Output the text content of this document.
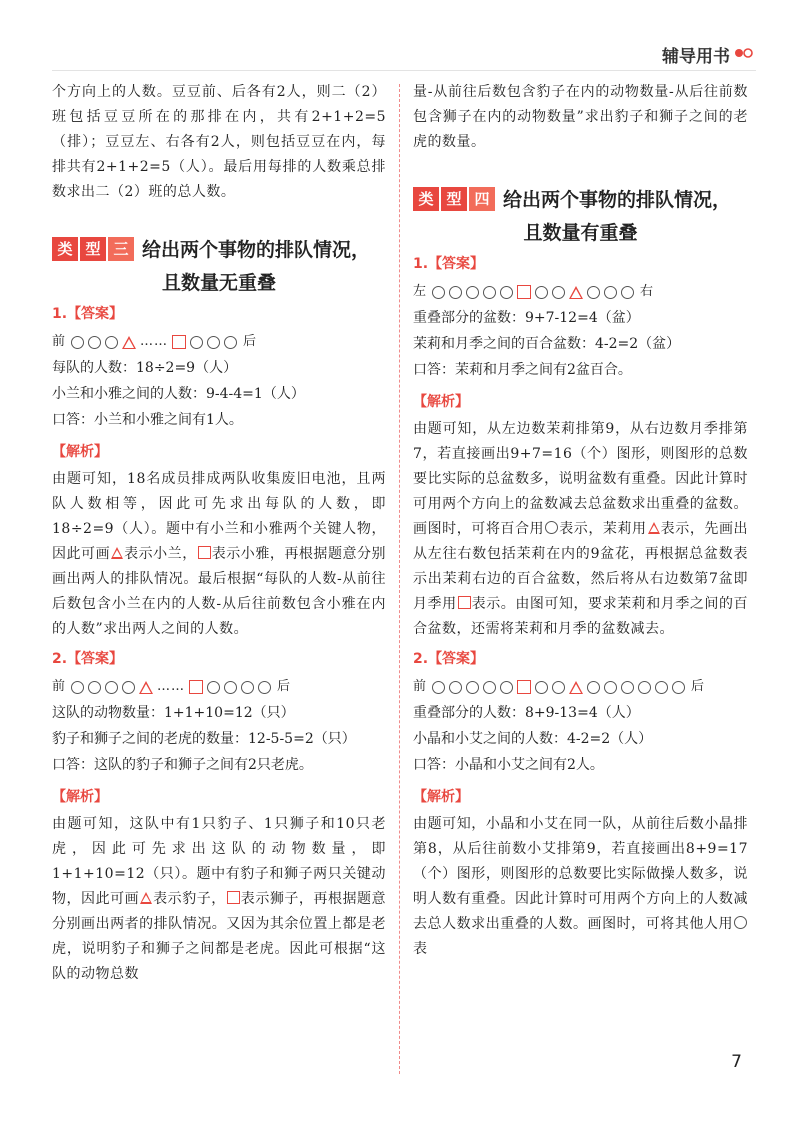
辅导用书

个方向上的人数。豆豆前、后各有2人，则二（2）班包括豆豆所在的那排在内，共有2+1+2=5（排）；豆豆左、右各有2人，则包括豆豆在内，每排共有2+1+2=5（人）。最后用每排的人数乘总排数求出二（2）班的总人数。

类 型 三 给出两个事物的排队情况，
且数量无重叠
1.【答案】
前	……	后

每队的人数：18÷2=9（人）

小兰和小雅之间的人数：9-4-4=1（人）

口答：小兰和小雅之间有1人。

【解析】

由题可知，18名成员排成两队收集废旧电池，且两队人数相等，因此可先求出每队的人数，即18÷2=9（人）。题中有小兰和小雅两个关键人物，因此可画 表示小兰， 表示小雅，再根据题意分别画出两人的排队情况。最后根据“每队的人数-从前往后数包含小兰在内的人数-从后往前数包含小雅在内的人数”求出两人之间的人数。

2.【答案】
前	……	后

这队的动物数量：1+1+10=12（只）

豹子和狮子之间的老虎的数量：12-5-5=2（只）

口答：这队的豹子和狮子之间有2只老虎。

【解析】

由题可知，这队中有1只豹子、1只狮子和10只老虎，因此可先求出这队的动物数量，即1+1+10=12（只）。题中有豹子和狮子两只关键动物，因此可画 表示豹子， 表示狮子，再根据题意分别画出两者的排队情况。又因为其余位置上都是老虎，说明豹子和狮子之间都是老虎。因此可根据“这队的动物总数

量-从前往后数包含豹子在内的动物数量-从后往前数包含狮子在内的动物数量”求出豹子和狮子之间的老虎的数量。

类 型 四 给出两个事物的排队情况，
且数量有重叠
1.【答案】
左	右

重叠部分的盆数：9+7-12=4（盆）

茉莉和月季之间的百合盆数：4-2=2（盆）

口答：茉莉和月季之间有2盆百合。

【解析】

由题可知，从左边数茉莉排第9，从右边数月季排第7，若直接画出9+7=16（个）图形，则图形的总数要比实际的总盆数多，说明盆数有重叠。因此计算时可用两个方向上的盆数减去总盆数求出重叠的盆数。画图时，可将百合用 表示，茉莉用 表示，先画出从左往右数包括茉莉在内的9盆花，再根据总盆数表示出茉莉右边的百合盆数，然后将从右边数第7盆即月季用 表示。由图可知，要求茉莉和月季之间的百合盆数，还需将茉莉和月季的盆数减去。

2.【答案】
前	后

重叠部分的人数：8+9-13=4（人）

小晶和小艾之间的人数：4-2=2（人）

口答：小晶和小艾之间有2人。

【解析】

由题可知，小晶和小艾在同一队，从前往后数小晶排第8，从后往前数小艾排第9，若直接画出8+9=17（个）图形，则图形的总数要比实际做操人数多，说明人数有重叠。因此计算时可用两个方向上的人数减去总人数求出重叠的人数。画图时，可将其他人用表

7
